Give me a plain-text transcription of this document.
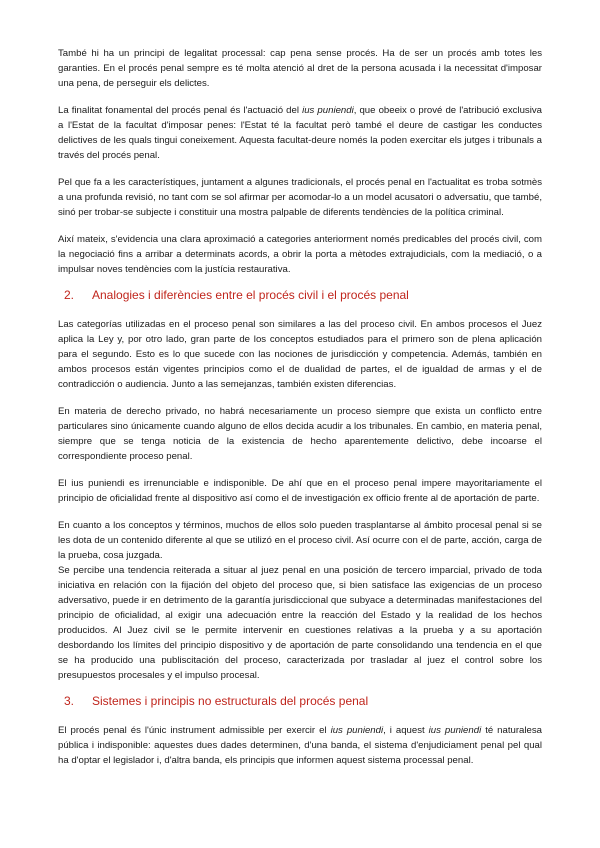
També hi ha un principi de legalitat processal: cap pena sense procés. Ha de ser un procés amb totes les garanties. En el procés penal sempre es té molta atenció al dret de la persona acusada i la necessitat d'imposar una pena, de perseguir els delictes.

La finalitat fonamental del procés penal és l'actuació del ius puniendi, que obeeix o prové de l'atribució exclusiva a l'Estat de la facultat d'imposar penes: l'Estat té la facultat però també el deure de castigar les conductes delictives de les quals tingui coneixement. Aquesta facultat-deure només la poden exercitar els jutges i tribunals a través del procés penal.

Pel que fa a les característiques, juntament a algunes tradicionals, el procés penal en l'actualitat es troba sotmès a una profunda revisió, no tant com se sol afirmar per acomodar-lo a un model acusatori o adversatiu, que també, sinó per trobar-se subjecte i constituir una mostra palpable de diferents tendències de la política criminal.

Així mateix, s'evidencia una clara aproximació a categories anteriorment només predicables del procés civil, com la negociació fins a arribar a determinats acords, a obrir la porta a mètodes extrajudicials, com la mediació, o a impulsar noves tendències com la justícia restaurativa.

2.	Analogies i diferències entre el procés civil i el procés penal

Las categorías utilizadas en el proceso penal son similares a las del proceso civil. En ambos procesos el Juez aplica la Ley y, por otro lado, gran parte de los conceptos estudiados para el primero son de plena aplicación para el segundo. Esto es lo que sucede con las nociones de jurisdicción y competencia. Además, también en ambos procesos están vigentes principios como el de dualidad de partes, el de igualdad de armas y el de contradicción o audiencia. Junto a las semejanzas, también existen diferencias.

En materia de derecho privado, no habrá necesariamente un proceso siempre que exista un conflicto entre particulares sino únicamente cuando alguno de ellos decida acudir a los tribunales. En cambio, en materia penal, siempre que se tenga noticia de la existencia de hecho aparentemente delictivo, debe incoarse el correspondiente proceso penal.

El ius puniendi es irrenunciable e indisponible. De ahí que en el proceso penal impere mayoritariamente el principio de oficialidad frente al dispositivo así como el de investigación ex officio frente al de aportación de parte.

En cuanto a los conceptos y términos, muchos de ellos solo pueden trasplantarse al ámbito procesal penal si se les dota de un contenido diferente al que se utilizó en el proceso civil. Así ocurre con el de parte, acción, carga de la prueba, cosa juzgada.

Se percibe una tendencia reiterada a situar al juez penal en una posición de tercero imparcial, privado de toda iniciativa en relación con la fijación del objeto del proceso que, si bien satisface las exigencias de un proceso adversativo, puede ir en detrimento de la garantía jurisdiccional que subyace a determinadas manifestaciones del principio de oficialidad, al exigir una adecuación entre la reacción del Estado y la realidad de los hechos producidos. Al Juez civil se le permite intervenir en cuestiones relativas a la prueba y a su aportación desbordando los límites del principio dispositivo y de aportación de parte consolidando una tendencia en el que se ha producido una publiscitación del proceso, caracterizada por trasladar al juez el control sobre los presupuestos procesales y el impulso procesal.

3.	Sistemes i principis no estructurals del procés penal

El procés penal és l'únic instrument admissible per exercir el ius puniendi, i aquest ius puniendi té naturalesa pública i indisponible: aquestes dues dades determinen, d'una banda, el sistema d'enjudiciament penal pel qual ha d'optar el legislador i, d'altra banda, els principis que informen aquest sistema processal penal.
